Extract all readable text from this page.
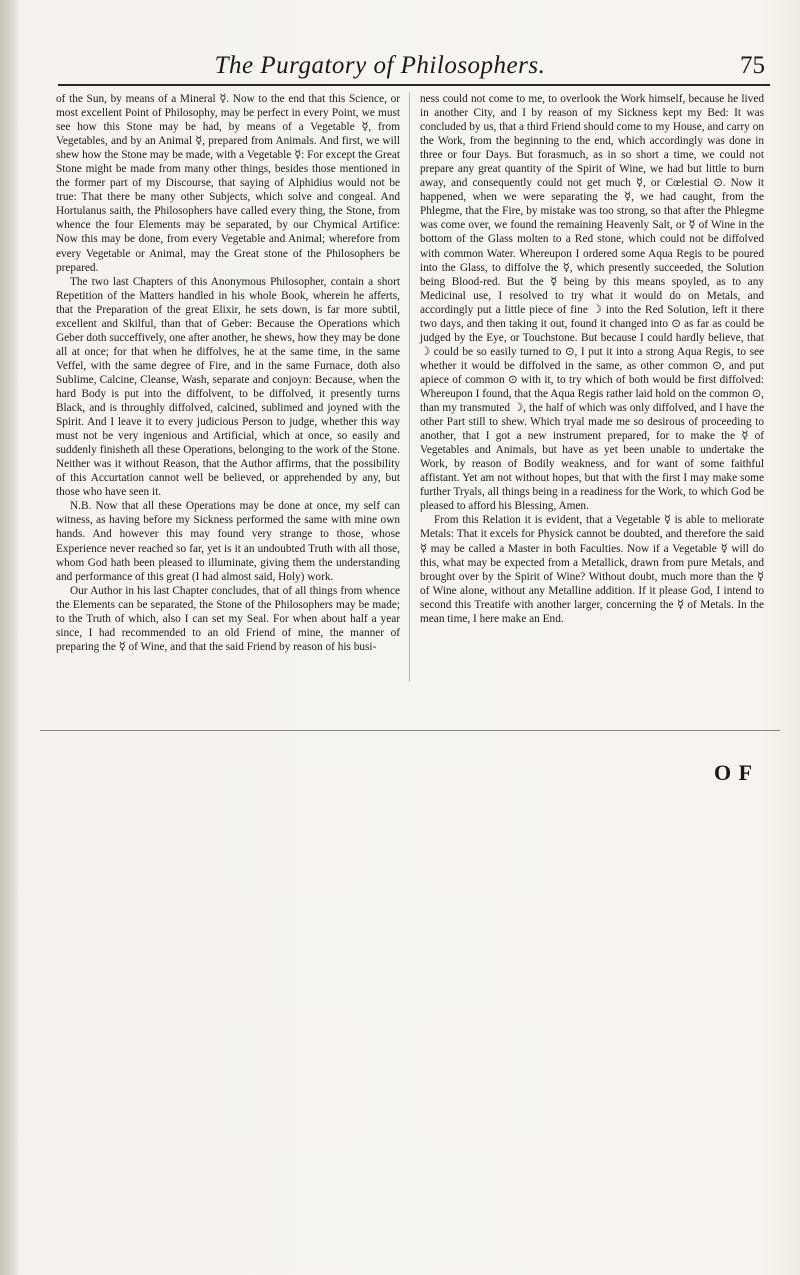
The Purgatory of Philosophers.	75

of the Sun, by means of a Mineral ☿. Now to the end that this Science, or most excellent Point of Philosophy, may be perfect in every Point, we must see how this Stone may be had, by means of a Vegetable ☿, from Vegetables, and by an Animal ☿, prepared from Animals. And first, we will shew how the Stone may be made, with a Vegetable ☿: For except the Great Stone might be made from many other things, besides those mentioned in the former part of my Discourse, that saying of Alphidius would not be true: That there be many other Subjects, which solve and congeal. And Hortulanus saith, the Philosophers have called every thing, the Stone, from whence the four Elements may be separated, by our Chymical Artifice: Now this may be done, from every Vegetable and Animal; wherefore from every Vegetable or Animal, may the Great stone of the Philosophers be prepared.

The two last Chapters of this Anonymous Philosopher, contain a short Repetition of the Matters handled in his whole Book, wherein he afferts, that the Preparation of the great Elixir, he sets down, is far more subtil, excellent and Skilful, than that of Geber: Because the Operations which Geber doth succeffively, one after another, he shews, how they may be done all at once; for that when he diffolves, he at the same time, in the same Veffel, with the same degree of Fire, and in the same Furnace, doth also Sublime, Calcine, Cleanse, Wash, separate and conjoyn: Because, when the hard Body is put into the diffolvent, to be diffolved, it presently turns Black, and is throughly diffolved, calcined, sublimed and joyned with the Spirit. And I leave it to every judicious Person to judge, whether this way must not be very ingenious and Artificial, which at once, so easily and suddenly finisheth all these Operations, belonging to the work of the Stone. Neither was it without Reason, that the Author affirms, that the possibility of this Accurtation cannot well be believed, or apprehended by any, but those who have seen it.

N.B. Now that all these Operations may be done at once, my self can witness, as having before my Sickness performed the same with mine own hands. And however this may found very strange to those, whose Experience never reached so far, yet is it an undoubted Truth with all those, whom God hath been pleased to illuminate, giving them the understanding and performance of this great (I had almost said, Holy) work.

Our Author in his last Chapter concludes, that of all things from whence the Elements can be separated, the Stone of the Philosophers may be made; to the Truth of which, also I can set my Seal. For when about half a year since, I had recommended to an old Friend of mine, the manner of preparing the ☿ of Wine, and that the said Friend by reason of his busi-

ness could not come to me, to overlook the Work himself, because he lived in another City, and I by reason of my Sickness kept my Bed: It was concluded by us, that a third Friend should come to my House, and carry on the Work, from the beginning to the end, which accordingly was done in three or four Days. But forasmuch, as in so short a time, we could not prepare any great quantity of the Spirit of Wine, we had but little to burn away, and consequently could not get much ☿, or Cœlestial ⊙. Now it happened, when we were separating the ☿, we had caught, from the Phlegme, that the Fire, by mistake was too strong, so that after the Phlegme was come over, we found the remaining Heavenly Salt, or ☿ of Wine in the bottom of the Glass molten to a Red stone, which could not be diffolved with common Water. Whereupon I ordered some Aqua Regis to be poured into the Glass, to diffolve the ☿, which presently succeeded, the Solution being Blood-red. But the ☿ being by this means spoyled, as to any Medicinal use, I resolved to try what it would do on Metals, and accordingly put a little piece of fine ☽ into the Red Solution, left it there two days, and then taking it out, found it changed into ⊙ as far as could be judged by the Eye, or Touchstone. But because I could hardly believe, that ☽ could be so easily turned to ⊙, I put it into a strong Aqua Regis, to see whether it would be diffolved in the same, as other common ⊙, and put apiece of common ⊙ with it, to try which of both would be first diffolved: Whereupon I found, that the Aqua Regis rather laid hold on the common ⊙, than my transmuted ☽, the half of which was only diffolved, and I have the other Part still to shew. Which tryal made me so desirous of proceeding to another, that I got a new instrument prepared, for to make the ☿ of Vegetables and Animals, but have as yet been unable to undertake the Work, by reason of Bodily weakness, and for want of some faithful affistant. Yet am not without hopes, but that with the first I may make some further Tryals, all things being in a readiness for the Work, to which God be pleased to afford his Blessing, Amen.

From this Relation it is evident, that a Vegetable ☿ is able to meliorate Metals: That it excels for Physick cannot be doubted, and therefore the said ☿ may be called a Master in both Faculties. Now if a Vegetable ☿ will do this, what may be expected from a Metallick, drawn from pure Metals, and brought over by the Spirit of Wine? Without doubt, much more than the ☿ of Wine alone, without any Metalline addition. If it please God, I intend to second this Treatife with another larger, concerning the ☿ of Metals. In the mean time, I here make an End.

O F
